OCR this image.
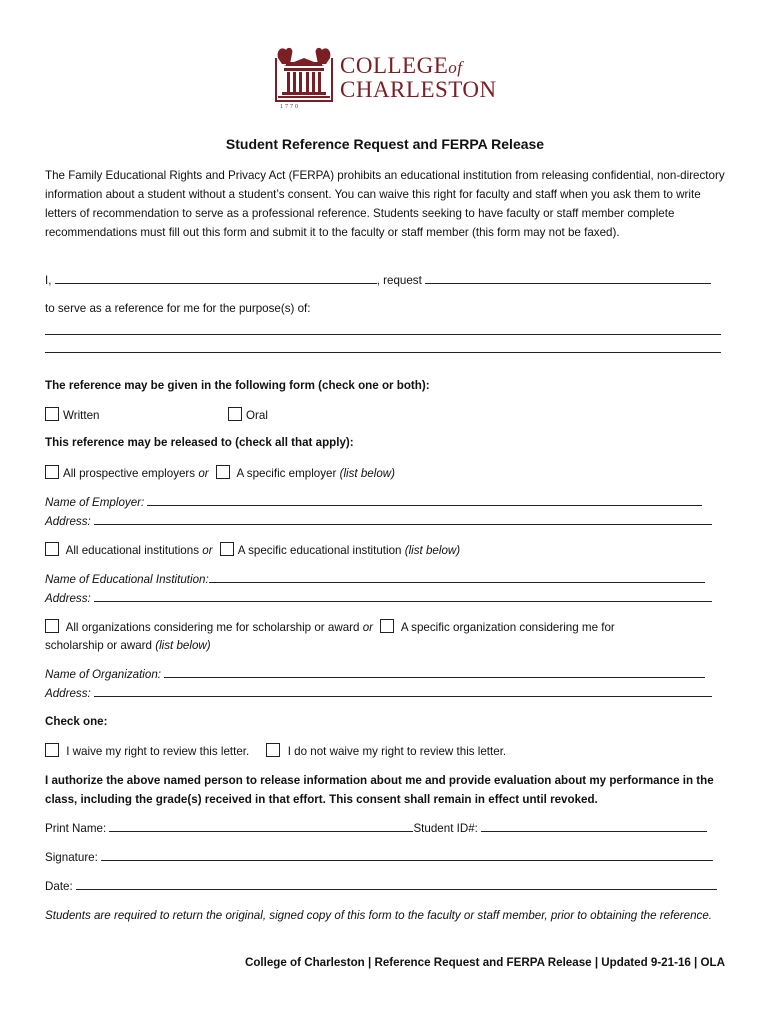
1770
COLLEGEof
CHARLESTON
Student Reference Request and FERPA Release
The Family Educational Rights and Privacy Act (FERPA) prohibits an educational institution from releasing confidential, non-directory information about a student without a student’s consent. You can waive this right for faculty and staff when you ask them to write letters of recommendation to serve as a professional reference. Students seeking to have faculty or staff member complete recommendations must fill out this form and submit it to the faculty or staff member (this form may not be faxed).
I,	, request
to serve as a reference for me for the purpose(s) of:
The reference may be given in the following form (check one or both):
Written	Oral
This reference may be released to (check all that apply):
All prospective employers or A specific employer (list below)
Name of Employer:
Address:
All educational institutions or A specific educational institution (list below)
Name of Educational Institution:
Address:
All organizations considering me for scholarship or award or A specific organization considering me for
scholarship or award (list below)
Name of Organization:
Address:
Check one:
I waive my right to review this letter.	I do not waive my right to review this letter.
I authorize the above named person to release information about me and provide evaluation about my performance in the class, including the grade(s) received in that effort. This consent shall remain in effect until revoked.
Print Name:	Student ID#:
Signature:
Date:
Students are required to return the original, signed copy of this form to the faculty or staff member, prior to obtaining the reference.
College of Charleston | Reference Request and FERPA Release | Updated 9-21-16 | OLA
